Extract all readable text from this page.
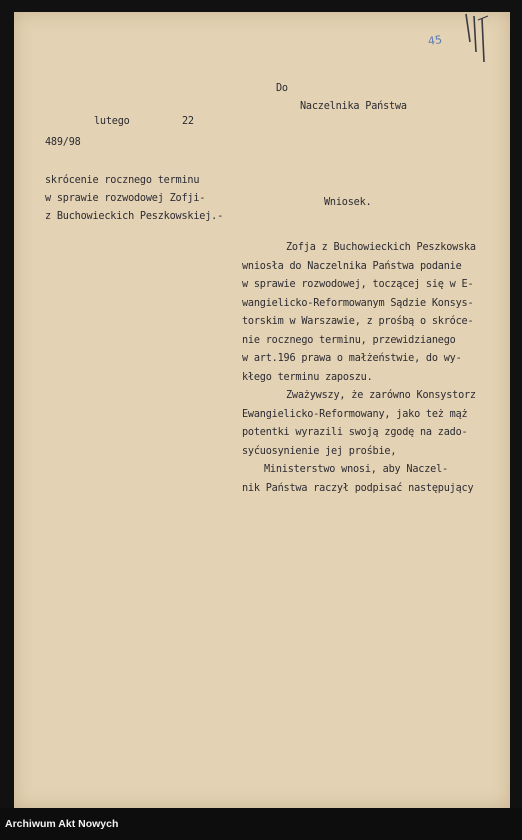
45
Do
Naczelnika Państwa
lutego	22
489/98
skrócenie rocznego terminu
w sprawie rozwodowej Zofji-
z Buchowieckich Peszkowskiej.-
Wniosek.
Zofja z Buchowieckich Peszkowska
wniosła do Naczelnika Państwa podanie
w sprawie rozwodowej, toczącej się w E-
wangielicko-Reformowanym Sądzie Konsys-
torskim w Warszawie, z prośbą o skróce-
nie rocznego terminu, przewidzianego
w art.196 prawa o małżeństwie, do wy-
kłego terminu zaposzu.
Zważywszy, że zarówno Konsystorz
Ewangielicko-Reformowany, jako też mąż
potentki wyrazili swoją zgodę na zado-
syćuosynienie jej prośbie,
Ministerstwo wnosi, aby Naczel-
nik Państwa raczył podpisać następujący
Archiwum Akt Nowych
